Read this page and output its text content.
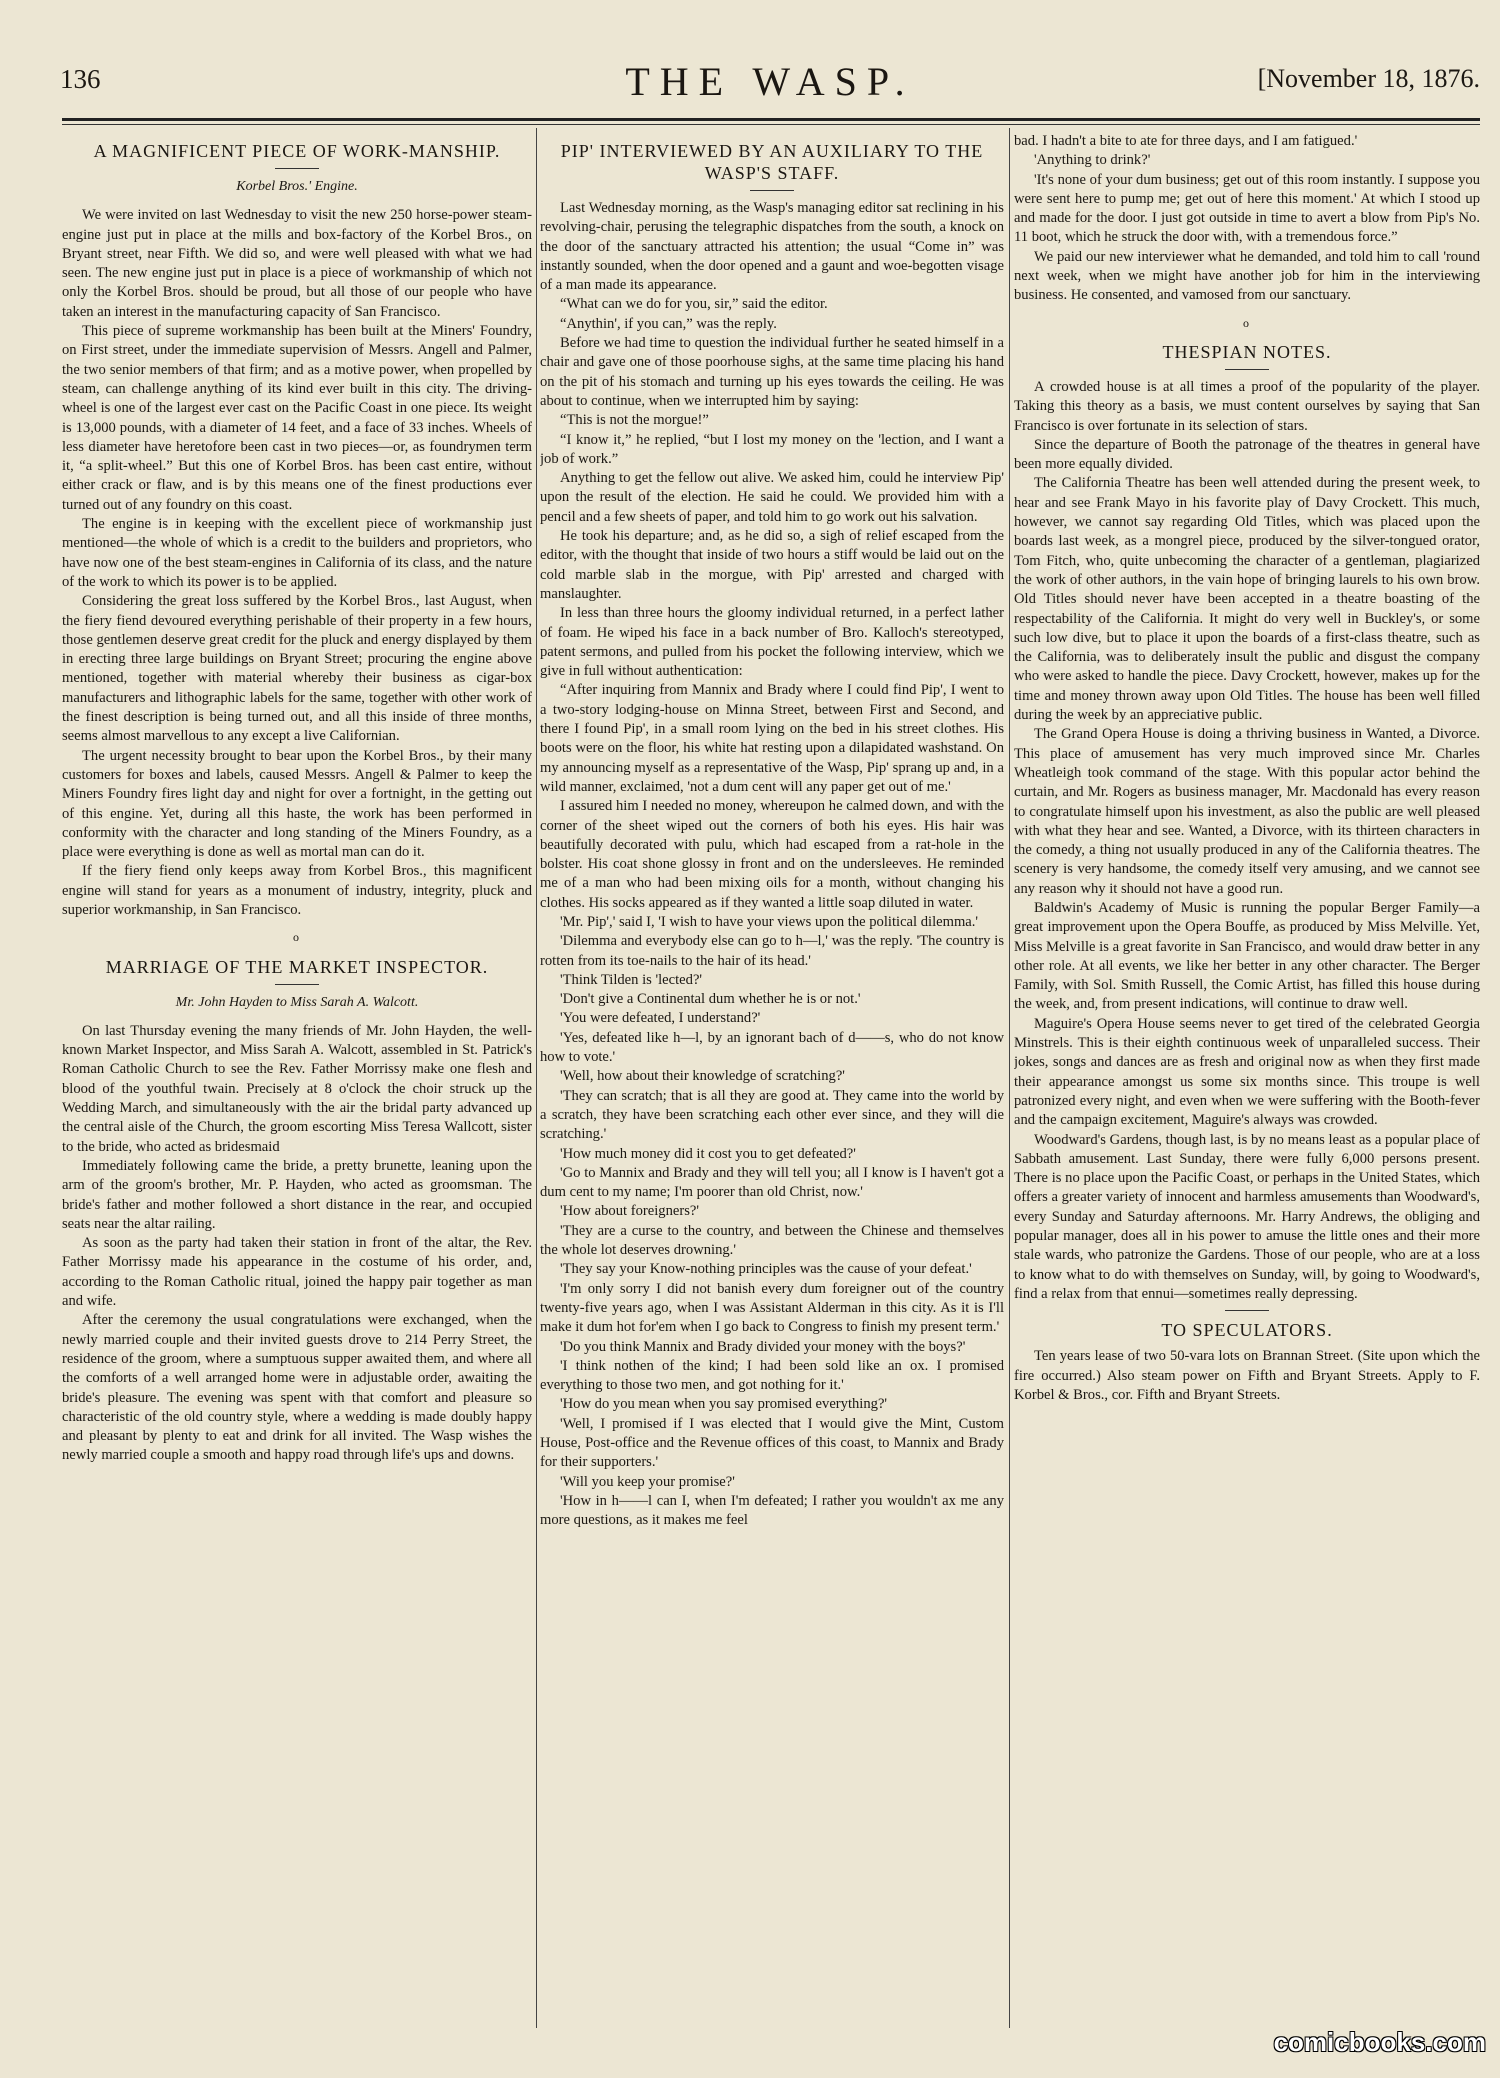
136	THE WASP.	[November 18, 1876.
A MAGNIFICENT PIECE OF WORK-MANSHIP.
Korbel Bros.' Engine.

We were invited on last Wednesday to visit the new 250 horse-power steam-engine just put in place at the mills and box-factory of the Korbel Bros., on Bryant street, near Fifth. We did so, and were well pleased with what we had seen. The new engine just put in place is a piece of workmanship of which not only the Korbel Bros. should be proud, but all those of our people who have taken an interest in the manufacturing capacity of San Francisco.

This piece of supreme workmanship has been built at the Miners' Foundry, on First street, under the immediate supervision of Messrs. Angell and Palmer, the two senior members of that firm; and as a motive power, when propelled by steam, can challenge anything of its kind ever built in this city. The driving-wheel is one of the largest ever cast on the Pacific Coast in one piece. Its weight is 13,000 pounds, with a diameter of 14 feet, and a face of 33 inches. Wheels of less diameter have heretofore been cast in two pieces—or, as foundrymen term it, “a split-wheel.” But this one of Korbel Bros. has been cast entire, without either crack or flaw, and is by this means one of the finest productions ever turned out of any foundry on this coast.

The engine is in keeping with the excellent piece of workmanship just mentioned—the whole of which is a credit to the builders and proprietors, who have now one of the best steam-engines in California of its class, and the nature of the work to which its power is to be applied.

Considering the great loss suffered by the Korbel Bros., last August, when the fiery fiend devoured everything perishable of their property in a few hours, those gentlemen deserve great credit for the pluck and energy displayed by them in erecting three large buildings on Bryant Street; procuring the engine above mentioned, together with material whereby their business as cigar-box manufacturers and lithographic labels for the same, together with other work of the finest description is being turned out, and all this inside of three months, seems almost marvellous to any except a live Californian.

The urgent necessity brought to bear upon the Korbel Bros., by their many customers for boxes and labels, caused Messrs. Angell & Palmer to keep the Miners Foundry fires light day and night for over a fortnight, in the getting out of this engine. Yet, during all this haste, the work has been performed in conformity with the character and long standing of the Miners Foundry, as a place were everything is done as well as mortal man can do it.

If the fiery fiend only keeps away from Korbel Bros., this magnificent engine will stand for years as a monument of industry, integrity, pluck and superior workmanship, in San Francisco.

o
MARRIAGE OF THE MARKET INSPECTOR.
Mr. John Hayden to Miss Sarah A. Walcott.

On last Thursday evening the many friends of Mr. John Hayden, the well-known Market Inspector, and Miss Sarah A. Walcott, assembled in St. Patrick's Roman Catholic Church to see the Rev. Father Morrissy make one flesh and blood of the youthful twain. Precisely at 8 o'clock the choir struck up the Wedding March, and simultaneously with the air the bridal party advanced up the central aisle of the Church, the groom escorting Miss Teresa Wallcott, sister to the bride, who acted as bridesmaid

Immediately following came the bride, a pretty brunette, leaning upon the arm of the groom's brother, Mr. P. Hayden, who acted as groomsman. The bride's father and mother followed a short distance in the rear, and occupied seats near the altar railing.

As soon as the party had taken their station in front of the altar, the Rev. Father Morrissy made his appearance in the costume of his order, and, according to the Roman Catholic ritual, joined the happy pair together as man and wife.

After the ceremony the usual congratulations were exchanged, when the newly married couple and their invited guests drove to 214 Perry Street, the residence of the groom, where a sumptuous supper awaited them, and where all the comforts of a well arranged home were in adjustable order, awaiting the bride's pleasure. The evening was spent with that comfort and pleasure so characteristic of the old country style, where a wedding is made doubly happy and pleasant by plenty to eat and drink for all invited. The Wasp wishes the newly married couple a smooth and happy road through life's ups and downs.

PIP' INTERVIEWED BY AN AUXILIARY TO THE WASP'S STAFF.

Last Wednesday morning, as the Wasp's managing editor sat reclining in his revolving-chair, perusing the telegraphic dispatches from the south, a knock on the door of the sanctuary attracted his attention; the usual “Come in” was instantly sounded, when the door opened and a gaunt and woe-begotten visage of a man made its appearance.

“What can we do for you, sir,” said the editor.

“Anythin', if you can,” was the reply.

Before we had time to question the individual further he seated himself in a chair and gave one of those poorhouse sighs, at the same time placing his hand on the pit of his stomach and turning up his eyes towards the ceiling. He was about to continue, when we interrupted him by saying:

“This is not the morgue!”

“I know it,” he replied, “but I lost my money on the 'lection, and I want a job of work.”

Anything to get the fellow out alive. We asked him, could he interview Pip' upon the result of the election. He said he could. We provided him with a pencil and a few sheets of paper, and told him to go work out his salvation.

He took his departure; and, as he did so, a sigh of relief escaped from the editor, with the thought that inside of two hours a stiff would be laid out on the cold marble slab in the morgue, with Pip' arrested and charged with manslaughter.

In less than three hours the gloomy individual returned, in a perfect lather of foam. He wiped his face in a back number of Bro. Kalloch's stereotyped, patent sermons, and pulled from his pocket the following interview, which we give in full without authentication:

“After inquiring from Mannix and Brady where I could find Pip', I went to a two-story lodging-house on Minna Street, between First and Second, and there I found Pip', in a small room lying on the bed in his street clothes. His boots were on the floor, his white hat resting upon a dilapidated washstand. On my announcing myself as a representative of the Wasp, Pip' sprang up and, in a wild manner, exclaimed, 'not a dum cent will any paper get out of me.'

I assured him I needed no money, whereupon he calmed down, and with the corner of the sheet wiped out the corners of both his eyes. His hair was beautifully decorated with pulu, which had escaped from a rat-hole in the bolster. His coat shone glossy in front and on the undersleeves. He reminded me of a man who had been mixing oils for a month, without changing his clothes. His socks appeared as if they wanted a little soap diluted in water.

'Mr. Pip',' said I, 'I wish to have your views upon the political dilemma.'

'Dilemma and everybody else can go to h—l,' was the reply. 'The country is rotten from its toe-nails to the hair of its head.'

'Think Tilden is 'lected?'

'Don't give a Continental dum whether he is or not.'

'You were defeated, I understand?'

'Yes, defeated like h—l, by an ignorant bach of d——s, who do not know how to vote.'

'Well, how about their knowledge of scratching?'

'They can scratch; that is all they are good at. They came into the world by a scratch, they have been scratching each other ever since, and they will die scratching.'

'How much money did it cost you to get defeated?'

'Go to Mannix and Brady and they will tell you; all I know is I haven't got a dum cent to my name; I'm poorer than old Christ, now.'

'How about foreigners?'

'They are a curse to the country, and between the Chinese and themselves the whole lot deserves drowning.'

'They say your Know-nothing principles was the cause of your defeat.'

'I'm only sorry I did not banish every dum foreigner out of the country twenty-five years ago, when I was Assistant Alderman in this city. As it is I'll make it dum hot for'em when I go back to Congress to finish my present term.'

'Do you think Mannix and Brady divided your money with the boys?'

'I think nothen of the kind; I had been sold like an ox. I promised everything to those two men, and got nothing for it.'

'How do you mean when you say promised everything?'

'Well, I promised if I was elected that I would give the Mint, Custom House, Post-office and the Revenue offices of this coast, to Mannix and Brady for their supporters.'

'Will you keep your promise?'

'How in h——l can I, when I'm defeated; I rather you wouldn't ax me any more questions, as it makes me feel

bad. I hadn't a bite to ate for three days, and I am fatigued.'

'Anything to drink?'

'It's none of your dum business; get out of this room instantly. I suppose you were sent here to pump me; get out of here this moment.' At which I stood up and made for the door. I just got outside in time to avert a blow from Pip's No. 11 boot, which he struck the door with, with a tremendous force.”

We paid our new interviewer what he demanded, and told him to call 'round next week, when we might have another job for him in the interviewing business. He consented, and vamosed from our sanctuary.

o
THESPIAN NOTES.

A crowded house is at all times a proof of the popularity of the player. Taking this theory as a basis, we must content ourselves by saying that San Francisco is over fortunate in its selection of stars.

Since the departure of Booth the patronage of the theatres in general have been more equally divided.

The California Theatre has been well attended during the present week, to hear and see Frank Mayo in his favorite play of Davy Crockett. This much, however, we cannot say regarding Old Titles, which was placed upon the boards last week, as a mongrel piece, produced by the silver-tongued orator, Tom Fitch, who, quite unbecoming the character of a gentleman, plagiarized the work of other authors, in the vain hope of bringing laurels to his own brow. Old Titles should never have been accepted in a theatre boasting of the respectability of the California. It might do very well in Buckley's, or some such low dive, but to place it upon the boards of a first-class theatre, such as the California, was to deliberately insult the public and disgust the company who were asked to handle the piece. Davy Crockett, however, makes up for the time and money thrown away upon Old Titles. The house has been well filled during the week by an appreciative public.

The Grand Opera House is doing a thriving business in Wanted, a Divorce. This place of amusement has very much improved since Mr. Charles Wheatleigh took command of the stage. With this popular actor behind the curtain, and Mr. Rogers as business manager, Mr. Macdonald has every reason to congratulate himself upon his investment, as also the public are well pleased with what they hear and see. Wanted, a Divorce, with its thirteen characters in the comedy, a thing not usually produced in any of the California theatres. The scenery is very handsome, the comedy itself very amusing, and we cannot see any reason why it should not have a good run.

Baldwin's Academy of Music is running the popular Berger Family—a great improvement upon the Opera Bouffe, as produced by Miss Melville. Yet, Miss Melville is a great favorite in San Francisco, and would draw better in any other role. At all events, we like her better in any other character. The Berger Family, with Sol. Smith Russell, the Comic Artist, has filled this house during the week, and, from present indications, will continue to draw well.

Maguire's Opera House seems never to get tired of the celebrated Georgia Minstrels. This is their eighth continuous week of unparalleled success. Their jokes, songs and dances are as fresh and original now as when they first made their appearance amongst us some six months since. This troupe is well patronized every night, and even when we were suffering with the Booth-fever and the campaign excitement, Maguire's always was crowded.

Woodward's Gardens, though last, is by no means least as a popular place of Sabbath amusement. Last Sunday, there were fully 6,000 persons present. There is no place upon the Pacific Coast, or perhaps in the United States, which offers a greater variety of innocent and harmless amusements than Woodward's, every Sunday and Saturday afternoons. Mr. Harry Andrews, the obliging and popular manager, does all in his power to amuse the little ones and their more stale wards, who patronize the Gardens. Those of our people, who are at a loss to know what to do with themselves on Sunday, will, by going to Woodward's, find a relax from that ennui—sometimes really depressing.

TO SPECULATORS.

Ten years lease of two 50-vara lots on Brannan Street. (Site upon which the fire occurred.) Also steam power on Fifth and Bryant Streets. Apply to F. Korbel & Bros., cor. Fifth and Bryant Streets.

comicbooks.com
